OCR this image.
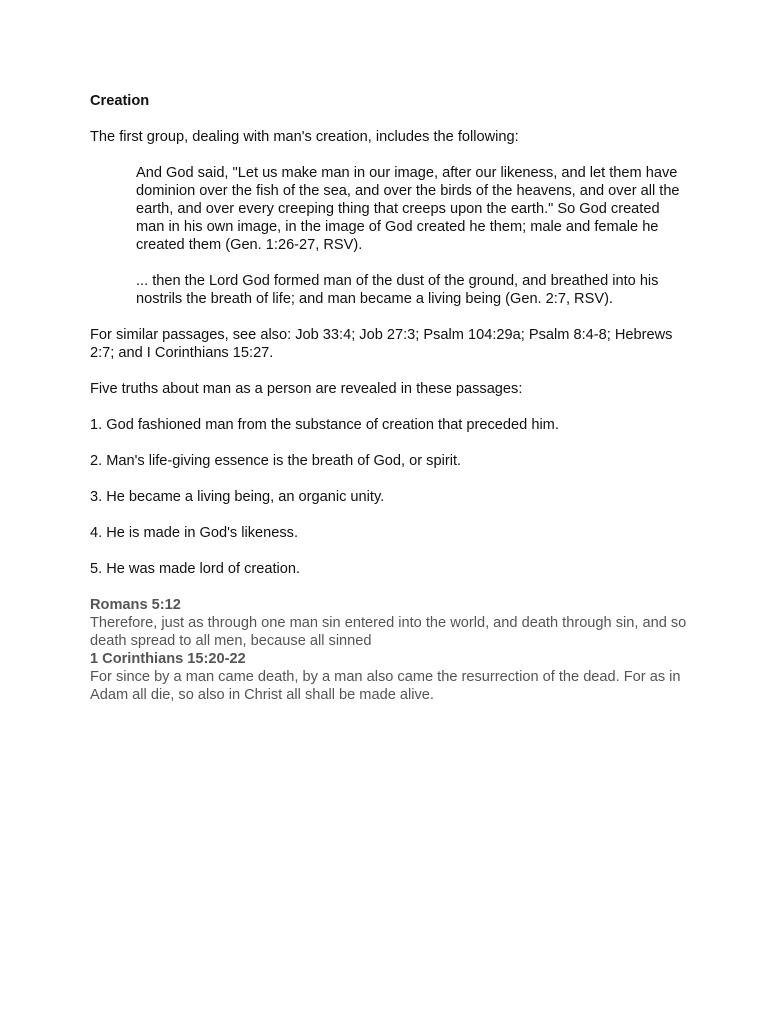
Creation

The first group, dealing with man's creation, includes the following:

And God said, "Let us make man in our image, after our likeness, and let them have dominion over the fish of the sea, and over the birds of the heavens, and over all the earth, and over every creeping thing that creeps upon the earth." So God created man in his own image, in the image of God created he them; male and female he created them (Gen. 1:26-27, RSV).

... then the Lord God formed man of the dust of the ground, and breathed into his nostrils the breath of life; and man became a living being (Gen. 2:7, RSV).

For similar passages, see also: Job 33:4; Job 27:3; Psalm 104:29a; Psalm 8:4-8; Hebrews 2:7; and I Corinthians 15:27.

Five truths about man as a person are revealed in these passages:

1. God fashioned man from the substance of creation that preceded him.

2. Man's life-giving essence is the breath of God, or spirit.

3. He became a living being, an organic unity.

4. He is made in God's likeness.

5. He was made lord of creation.

Romans 5:12

Therefore, just as through one man sin entered into the world, and death through sin, and so death spread to all men, because all sinned

1 Corinthians 15:20-22

For since by a man came death, by a man also came the resurrection of the dead. For as in Adam all die, so also in Christ all shall be made alive.
